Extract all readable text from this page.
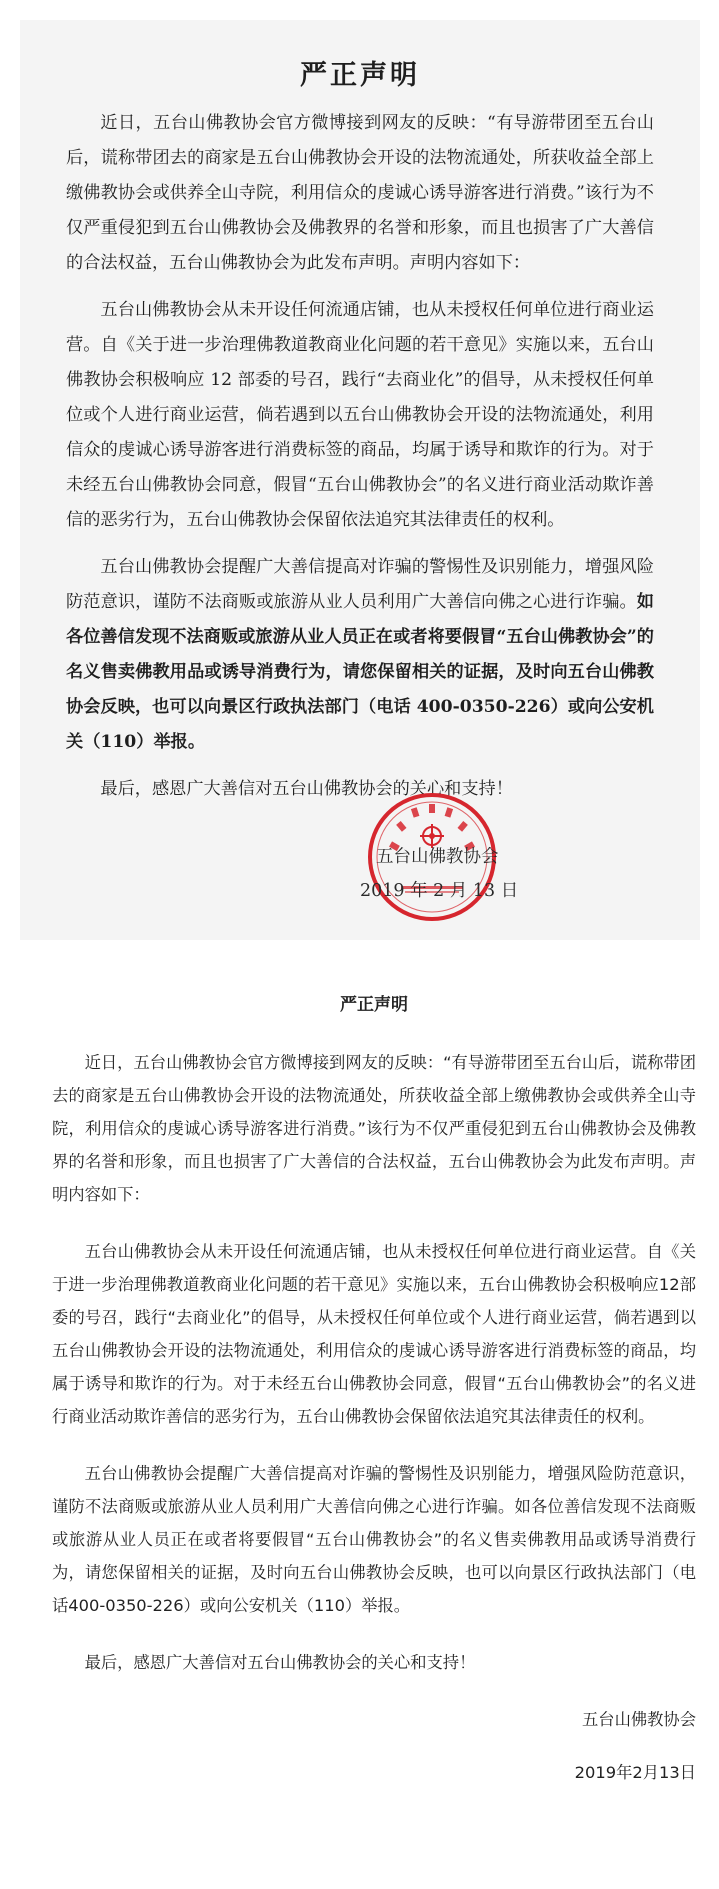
严正声明

近日，五台山佛教协会官方微博接到网友的反映：“有导游带团至五台山后，谎称带团去的商家是五台山佛教协会开设的法物流通处，所获收益全部上缴佛教协会或供养全山寺院，利用信众的虔诚心诱导游客进行消费。”该行为不仅严重侵犯到五台山佛教协会及佛教界的名誉和形象，而且也损害了广大善信的合法权益，五台山佛教协会为此发布声明。声明内容如下：

五台山佛教协会从未开设任何流通店铺，也从未授权任何单位进行商业运营。自《关于进一步治理佛教道教商业化问题的若干意见》实施以来，五台山佛教协会积极响应 12 部委的号召，践行“去商业化”的倡导，从未授权任何单位或个人进行商业运营，倘若遇到以五台山佛教协会开设的法物流通处，利用信众的虔诚心诱导游客进行消费标签的商品，均属于诱导和欺诈的行为。对于未经五台山佛教协会同意，假冒“五台山佛教协会”的名义进行商业活动欺诈善信的恶劣行为，五台山佛教协会保留依法追究其法律责任的权利。

五台山佛教协会提醒广大善信提高对诈骗的警惕性及识别能力，增强风险防范意识，谨防不法商贩或旅游从业人员利用广大善信向佛之心进行诈骗。如各位善信发现不法商贩或旅游从业人员正在或者将要假冒“五台山佛教协会”的名义售卖佛教用品或诱导消费行为，请您保留相关的证据，及时向五台山佛教协会反映，也可以向景区行政执法部门（电话 400-0350-226）或向公安机关（110）举报。

最后，感恩广大善信对五台山佛教协会的关心和支持！

五台山佛教协会
2019 年 2 月 13 日
严正声明

近日，五台山佛教协会官方微博接到网友的反映：“有导游带团至五台山后，谎称带团去的商家是五台山佛教协会开设的法物流通处，所获收益全部上缴佛教协会或供养全山寺院，利用信众的虔诚心诱导游客进行消费。”该行为不仅严重侵犯到五台山佛教协会及佛教界的名誉和形象，而且也损害了广大善信的合法权益，五台山佛教协会为此发布声明。声明内容如下：

五台山佛教协会从未开设任何流通店铺，也从未授权任何单位进行商业运营。自《关于进一步治理佛教道教商业化问题的若干意见》实施以来，五台山佛教协会积极响应12部委的号召，践行“去商业化”的倡导，从未授权任何单位或个人进行商业运营，倘若遇到以五台山佛教协会开设的法物流通处，利用信众的虔诚心诱导游客进行消费标签的商品，均属于诱导和欺诈的行为。对于未经五台山佛教协会同意，假冒“五台山佛教协会”的名义进行商业活动欺诈善信的恶劣行为，五台山佛教协会保留依法追究其法律责任的权利。

五台山佛教协会提醒广大善信提高对诈骗的警惕性及识别能力，增强风险防范意识，谨防不法商贩或旅游从业人员利用广大善信向佛之心进行诈骗。如各位善信发现不法商贩或旅游从业人员正在或者将要假冒“五台山佛教协会”的名义售卖佛教用品或诱导消费行为，请您保留相关的证据，及时向五台山佛教协会反映，也可以向景区行政执法部门（电话400-0350-226）或向公安机关（110）举报。

最后，感恩广大善信对五台山佛教协会的关心和支持！

五台山佛教协会
2019年2月13日
